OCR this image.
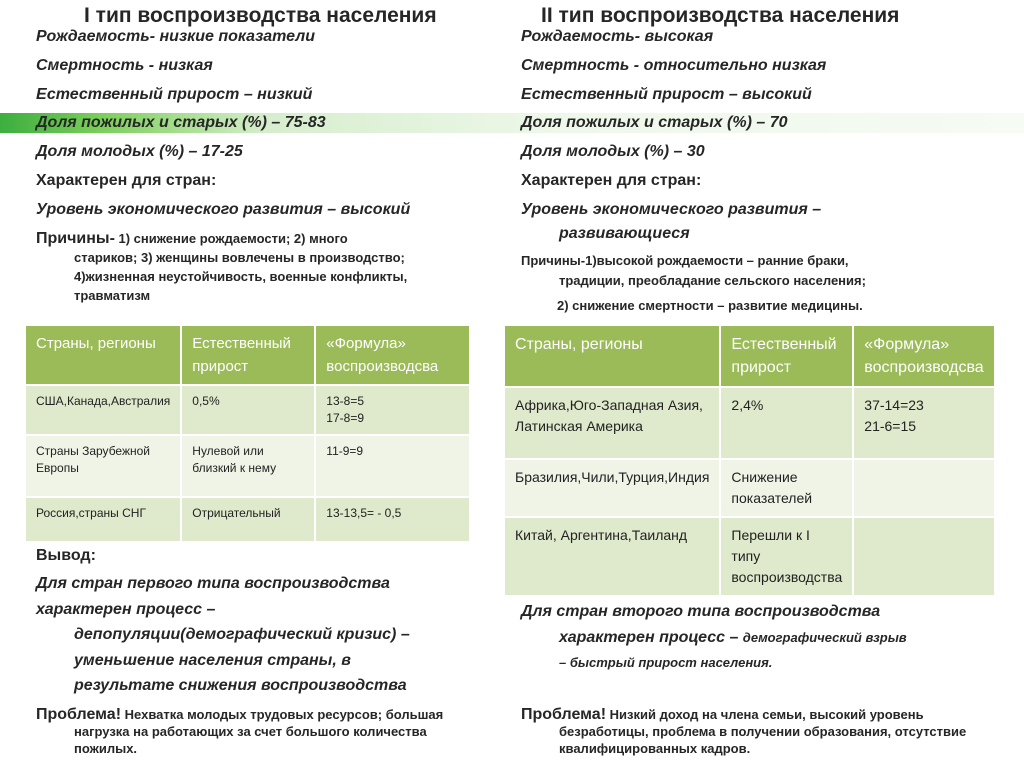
I тип воспроизводства населения
Рождаемость- низкие показатели
Смертность - низкая
Естественный прирост – низкий
Доля пожилых и старых (%) – 75-83
Доля молодых (%) – 17-25
Характерен для стран:
Уровень экономического развития – высокий
Причины- 1) снижение рождаемости; 2) много
стариков; 3) женщины вовлечены в производство;
4)жизненная неустойчивость, военные конфликты,
травматизм
Вывод:
Для стран первого типа воспроизводства
характерен процесс –
депопуляции(демографический кризис) –
уменьшение населения страны, в
результате снижения воспроизводства
Проблема! Нехватка молодых трудовых ресурсов; большая
нагрузка на работающих за счет большого количества
пожилых.
Страны, регионы	Естественный прирост	«Формула» воспроизводсва
США,Канада,Австралия	0,5%	13-8=5
17-8=9
Страны Зарубежной Европы	Нулевой или близкий к нему	11-9=9
Россия,страны СНГ	Отрицательный	13-13,5= - 0,5
II тип воспроизводства населения
Рождаемость- высокая
Смертность - относительно низкая
Естественный прирост – высокий
Доля пожилых и старых (%) – 70
Доля молодых (%) – 30
Характерен для стран:
Уровень экономического развития –
развивающиеся
Причины-1)высокой рождаемости – ранние браки,
традиции, преобладание сельского населения;
2) снижение смертности – развитие медицины.
Для стран второго типа воспроизводства
характерен процесс – демографический взрыв
– быстрый прирост населения.
Проблема! Низкий доход на члена семьи, высокий уровень
безработицы, проблема в получении образования, отсутствие
квалифицированных кадров.
Страны, регионы	Естественный прирост	«Формула» воспроизводсва
Африка,Юго-Западная Азия, Латинская Америка	2,4%	37-14=23
21-6=15
Бразилия,Чили,Турция,Индия	Снижение показателей	
Китай, Аргентина,Таиланд	Перешли к I типу воспроизводства	
